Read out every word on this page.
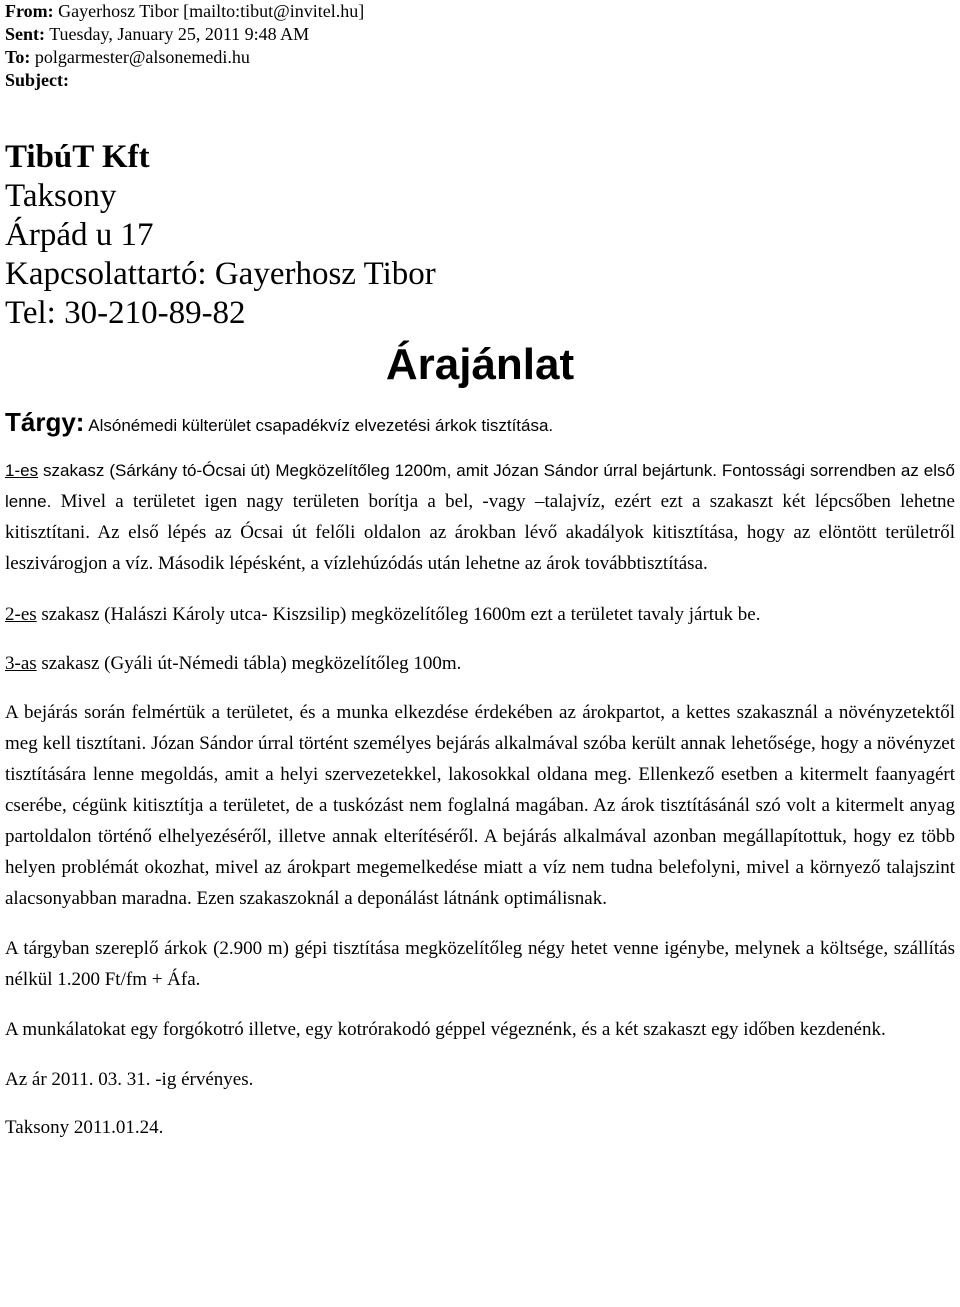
From: Gayerhosz Tibor [mailto:tibut@invitel.hu]
Sent: Tuesday, January 25, 2011 9:48 AM
To: polgarmester@alsonemedi.hu
Subject:
TibúT Kft
Taksony
Árpád u 17
Kapcsolattartó: Gayerhosz Tibor
Tel: 30-210-89-82
Árajánlat
Tárgy: Alsónémedi külterület csapadékvíz elvezetési árkok tisztítása.

1-es szakasz (Sárkány tó-Ócsai út) Megközelítőleg 1200m, amit Józan Sándor úrral bejártunk. Fontossági sorrendben az első lenne. Mivel a területet igen nagy területen borítja a bel, -vagy –talajvíz, ezért ezt a szakaszt két lépcsőben lehetne kitisztítani. Az első lépés az Ócsai út felőli oldalon az árokban lévő akadályok kitisztítása, hogy az elöntött területről leszivárogjon a víz. Második lépésként, a vízlehúzódás után lehetne az árok továbbtisztítása.

2-es szakasz (Halászi Károly utca- Kiszsilip) megközelítőleg 1600m ezt a területet tavaly jártuk be.

3-as szakasz (Gyáli út-Némedi tábla) megközelítőleg 100m.

A bejárás során felmértük a területet, és a munka elkezdése érdekében az árokpartot, a kettes szakasznál a növényzetektől meg kell tisztítani. Józan Sándor úrral történt személyes bejárás alkalmával szóba került annak lehetősége, hogy a növényzet tisztítására lenne megoldás, amit a helyi szervezetekkel, lakosokkal oldana meg. Ellenkező esetben a kitermelt faanyagért cserébe, cégünk kitisztítja a területet, de a tuskózást nem foglalná magában. Az árok tisztításánál szó volt a kitermelt anyag partoldalon történő elhelyezéséről, illetve annak elterítéséről. A bejárás alkalmával azonban megállapítottuk, hogy ez több helyen problémát okozhat, mivel az árokpart megemelkedése miatt a víz nem tudna belefolyni, mivel a környező talajszint alacsonyabban maradna. Ezen szakaszoknál a deponálást látnánk optimálisnak.

A tárgyban szereplő árkok (2.900 m) gépi tisztítása megközelítőleg négy hetet venne igénybe, melynek a költsége, szállítás nélkül 1.200 Ft/fm + Áfa.

A munkálatokat egy forgókotró illetve, egy kotrórakodó géppel végeznénk, és a két szakaszt egy időben kezdenénk.

Az ár 2011. 03. 31. -ig érvényes.

Taksony 2011.01.24.
